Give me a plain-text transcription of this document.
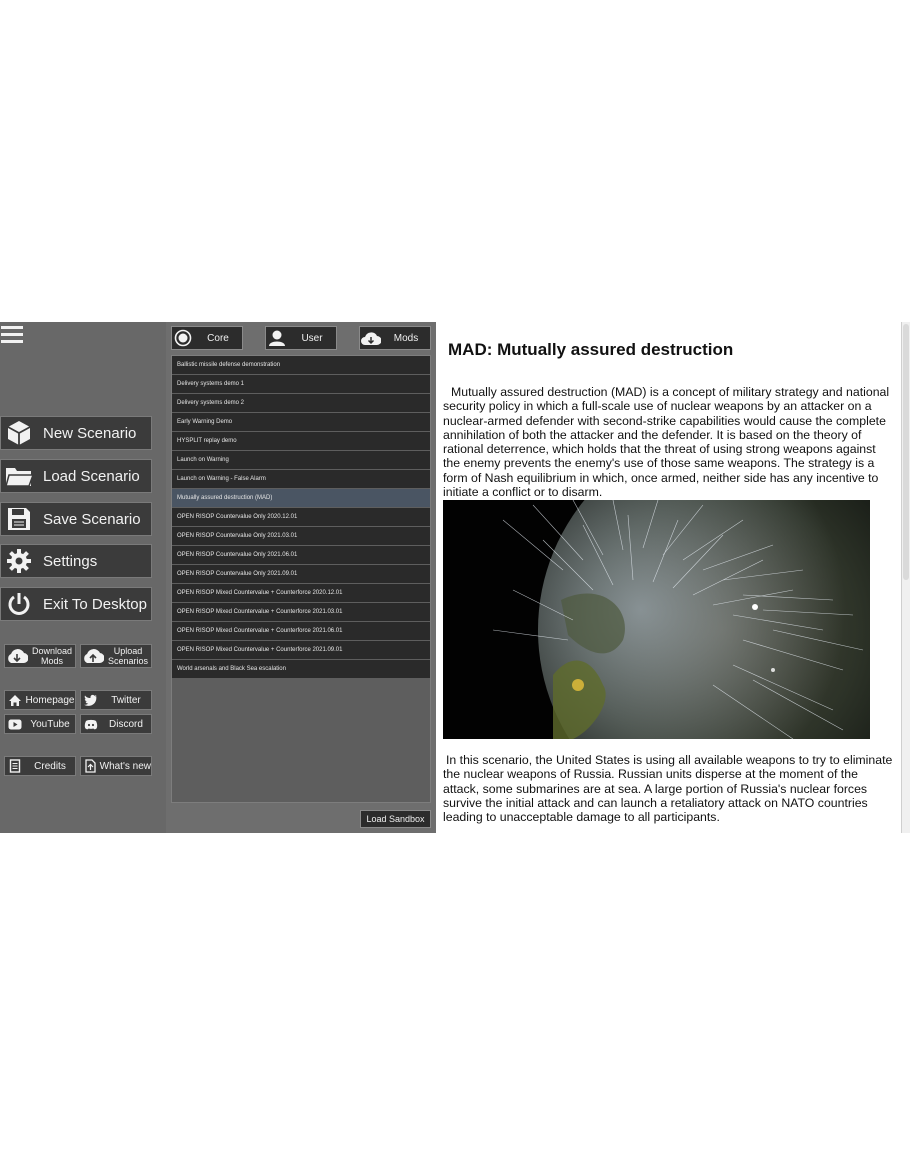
New Scenario
Load Scenario
Save Scenario
Settings
Exit To Desktop
Download
Mods
Upload
Scenarios
Homepage	Twitter
YouTube	Discord
Credits	What's new
Core	User	Mods
Ballistic missile defense demonstration
Delivery systems demo 1
Delivery systems demo 2
Early Warning Demo
HYSPLIT replay demo
Launch on Warning
Launch on Warning - False Alarm
Mutually assured destruction (MAD)
OPEN RISOP Countervalue Only 2020.12.01
OPEN RISOP Countervalue Only 2021.03.01
OPEN RISOP Countervalue Only 2021.06.01
OPEN RISOP Countervalue Only 2021.09.01
OPEN RISOP Mixed Countervalue + Counterforce 2020.12.01
OPEN RISOP Mixed Countervalue + Counterforce 2021.03.01
OPEN RISOP Mixed Countervalue + Counterforce 2021.06.01
OPEN RISOP Mixed Countervalue + Counterforce 2021.09.01
World arsenals and Black Sea escalation
Load Sandbox
MAD: Mutually assured destruction

Mutually assured destruction (MAD) is a concept of military strategy and national security policy in which a full-scale use of nuclear weapons by an attacker on a nuclear-armed defender with second-strike capabilities would cause the complete annihilation of both the attacker and the defender. It is based on the theory of rational deterrence, which holds that the threat of using strong weapons against the enemy prevents the enemy's use of those same weapons. The strategy is a form of Nash equilibrium in which, once armed, neither side has any incentive to initiate a conflict or to disarm.

In this scenario, the United States is using all available weapons to try to eliminate the nuclear weapons of Russia. Russian units disperse at the moment of the attack, some submarines are at sea. A large portion of Russia's nuclear forces survive the initial attack and can launch a retaliatory attack on NATO countries leading to unacceptable damage to all participants.
